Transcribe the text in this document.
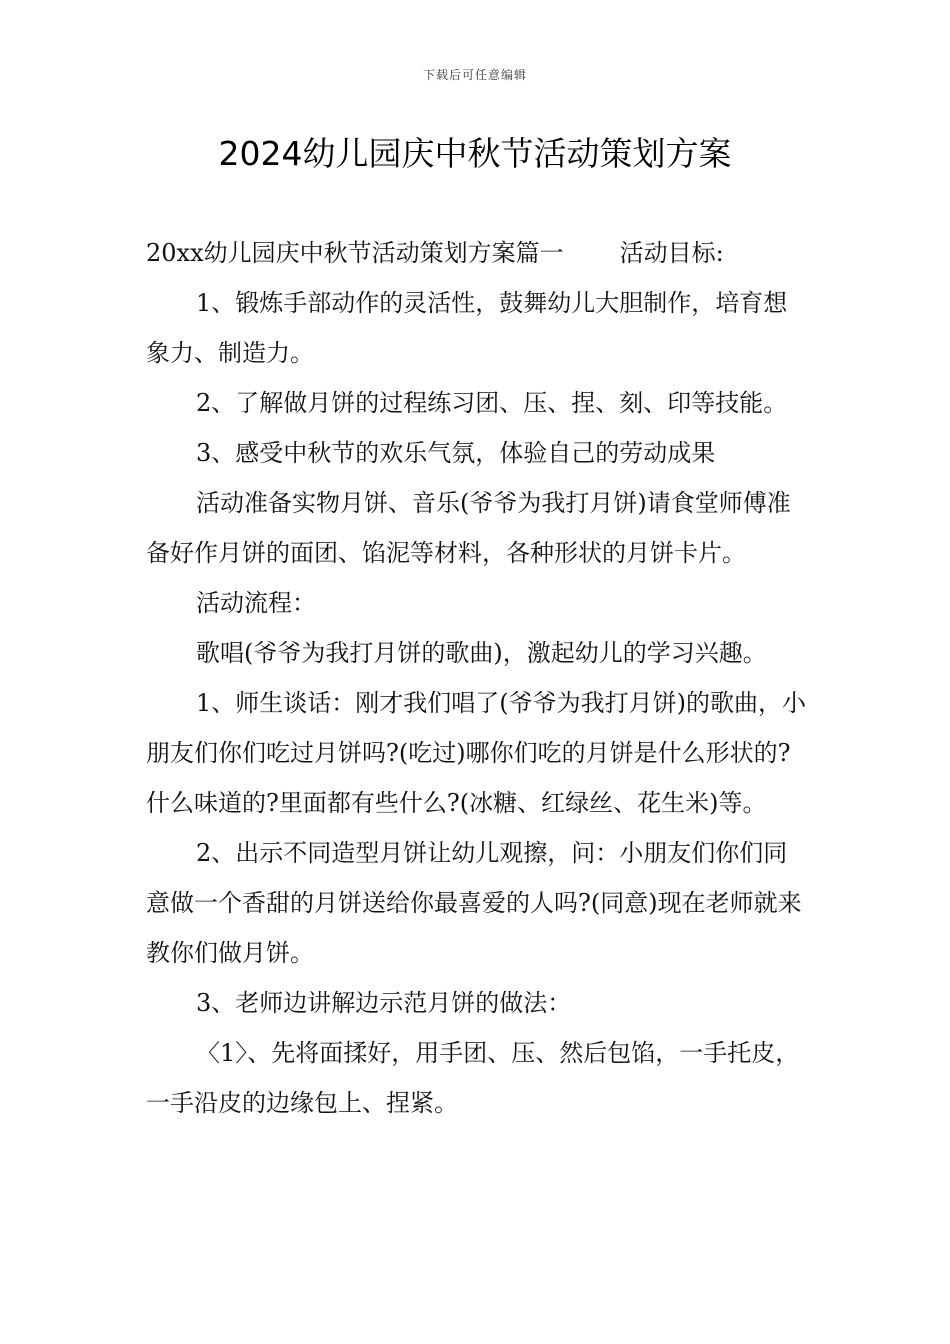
下载后可任意编辑
2024幼儿园庆中秋节活动策划方案

20xx幼儿园庆中秋节活动策划方案篇一 活动目标:

1、锻炼手部动作的灵活性，鼓舞幼儿大胆制作，培育想象力、制造力。

2、了解做月饼的过程练习团、压、捏、刻、印等技能。

3、感受中秋节的欢乐气氛，体验自己的劳动成果

活动准备实物月饼、音乐(爷爷为我打月饼)请食堂师傅准备好作月饼的面团、馅泥等材料，各种形状的月饼卡片。

活动流程：

歌唱(爷爷为我打月饼的歌曲)，激起幼儿的学习兴趣。

1、师生谈话：刚才我们唱了(爷爷为我打月饼)的歌曲，小朋友们你们吃过月饼吗?(吃过)哪你们吃的月饼是什么形状的?什么味道的?里面都有些什么?(冰糖、红绿丝、花生米)等。

2、出示不同造型月饼让幼儿观擦，问：小朋友们你们同意做一个香甜的月饼送给你最喜爱的人吗?(同意)现在老师就来教你们做月饼。

3、老师边讲解边示范月饼的做法：

〈1〉、先将面揉好，用手团、压、然后包馅，一手托皮，一手沿皮的边缘包上、捏紧。
